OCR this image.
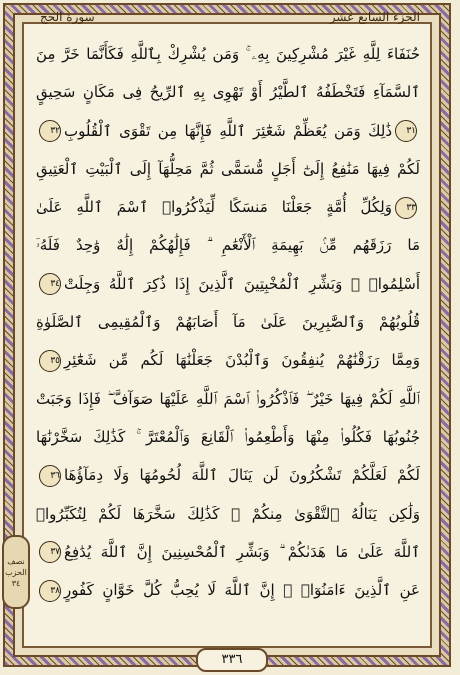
الجزء السابع عشر
سورة الحج
حُنَفَاءَ لِلَّهِ غَيْرَ مُشْرِكِينَ بِهِۦ ۚ وَمَن يُشْرِكْ بِٱللَّهِ فَكَأَنَّمَا خَرَّ مِنَ
ٱلسَّمَآءِ فَتَخْطَفُهُ ٱلطَّيْرُ أَوْ تَهْوِى بِهِ ٱلرِّيحُ فِى مَكَانٍ سَحِيقٍ
٣١ذَٰلِكَ وَمَن يُعَظِّمْ شَعَٰٓئِرَ ٱللَّهِ فَإِنَّهَا مِن تَقْوَى ٱلْقُلُوبِ٣٢
لَكُمْ فِيهَا مَنَٰفِعُ إِلَىٰٓ أَجَلٍ مُّسَمًّى ثُمَّ مَحِلُّهَآ إِلَى ٱلْبَيْتِ ٱلْعَتِيقِ
٣٣وَلِكُلِّ أُمَّةٍ جَعَلْنَا مَنسَكًا لِّيَذْكُرُوا۟ ٱسْمَ ٱللَّهِ عَلَىٰ
مَا رَزَقَهُم مِّنۢ بَهِيمَةِ ٱلْأَنْعَٰمِ ۗ فَإِلَٰهُكُمْ إِلَٰهٌ وَٰحِدٌ فَلَهُۥٓ
أَسْلِمُوا۟ ۗ وَبَشِّرِ ٱلْمُخْبِتِينَ ٱلَّذِينَ إِذَا ذُكِرَ ٱللَّهُ وَجِلَتْ٣٤
قُلُوبُهُمْ وَٱلصَّٰبِرِينَ عَلَىٰ مَآ أَصَابَهُمْ وَٱلْمُقِيمِى ٱلصَّلَوٰةِ
وَمِمَّا رَزَقْنَٰهُمْ يُنفِقُونَ وَٱلْبُدْنَ جَعَلْنَٰهَا لَكُم مِّن شَعَٰٓئِرِ٣٥
ٱللَّهِ لَكُمْ فِيهَا خَيْرٌ ۖ فَٱذْكُرُوا۟ ٱسْمَ ٱللَّهِ عَلَيْهَا صَوَآفَّ ۖ فَإِذَا وَجَبَتْ
جُنُوبُهَا فَكُلُوا۟ مِنْهَا وَأَطْعِمُوا۟ ٱلْقَانِعَ وَٱلْمُعْتَرَّ ۚ كَذَٰلِكَ سَخَّرْنَٰهَا
لَكُمْ لَعَلَّكُمْ تَشْكُرُونَ لَن يَنَالَ ٱللَّهَ لُحُومُهَا وَلَا دِمَآؤُهَا٣٦
وَلَٰكِن يَنَالُهُ ٱلتَّقْوَىٰ مِنكُمْ ۚ كَذَٰلِكَ سَخَّرَهَا لَكُمْ لِتُكَبِّرُوا۟
ٱللَّهَ عَلَىٰ مَا هَدَىٰكُمْ ۗ وَبَشِّرِ ٱلْمُحْسِنِينَ إِنَّ ٱللَّهَ يُدَٰفِعُ٣٧
عَنِ ٱلَّذِينَ ءَامَنُوٓا۟ ۗ إِنَّ ٱللَّهَ لَا يُحِبُّ كُلَّ خَوَّانٍ كَفُورٍ٣٨
نصف
الحزب
٣٤
٣٣٦
